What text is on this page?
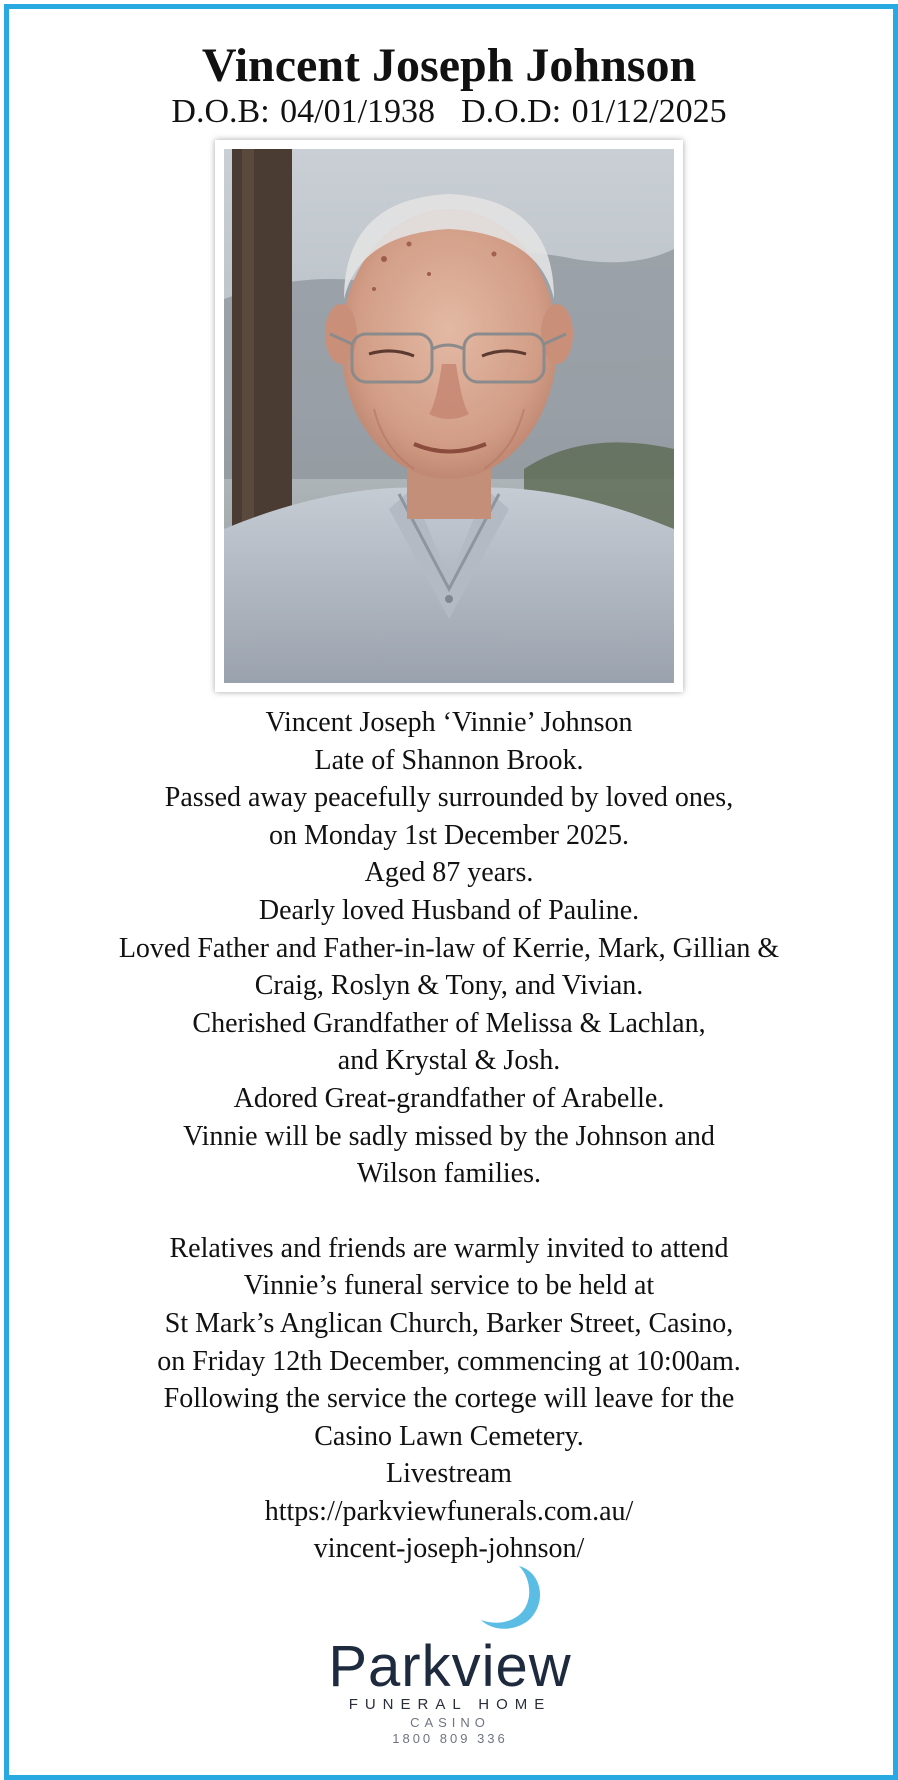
Vincent Joseph Johnson
D.O.B: 04/01/1938 D.O.D: 01/12/2025
Vincent Joseph ‘Vinnie’ Johnson
Late of Shannon Brook.
Passed away peacefully surrounded by loved ones,
on Monday 1st December 2025.
Aged 87 years.
Dearly loved Husband of Pauline.
Loved Father and Father-in-law of Kerrie, Mark, Gillian &
Craig, Roslyn & Tony, and Vivian.
Cherished Grandfather of Melissa & Lachlan,
and Krystal & Josh.
Adored Great-grandfather of Arabelle.
Vinnie will be sadly missed by the Johnson and
Wilson families.
Relatives and friends are warmly invited to attend
Vinnie’s funeral service to be held at
St Mark’s Anglican Church, Barker Street, Casino,
on Friday 12th December, commencing at 10:00am.
Following the service the cortege will leave for the
Casino Lawn Cemetery.
Livestream
https://parkviewfunerals.com.au/
vincent-joseph-johnson/
Parkview
FUNERAL HOME
CASINO
1800 809 336
